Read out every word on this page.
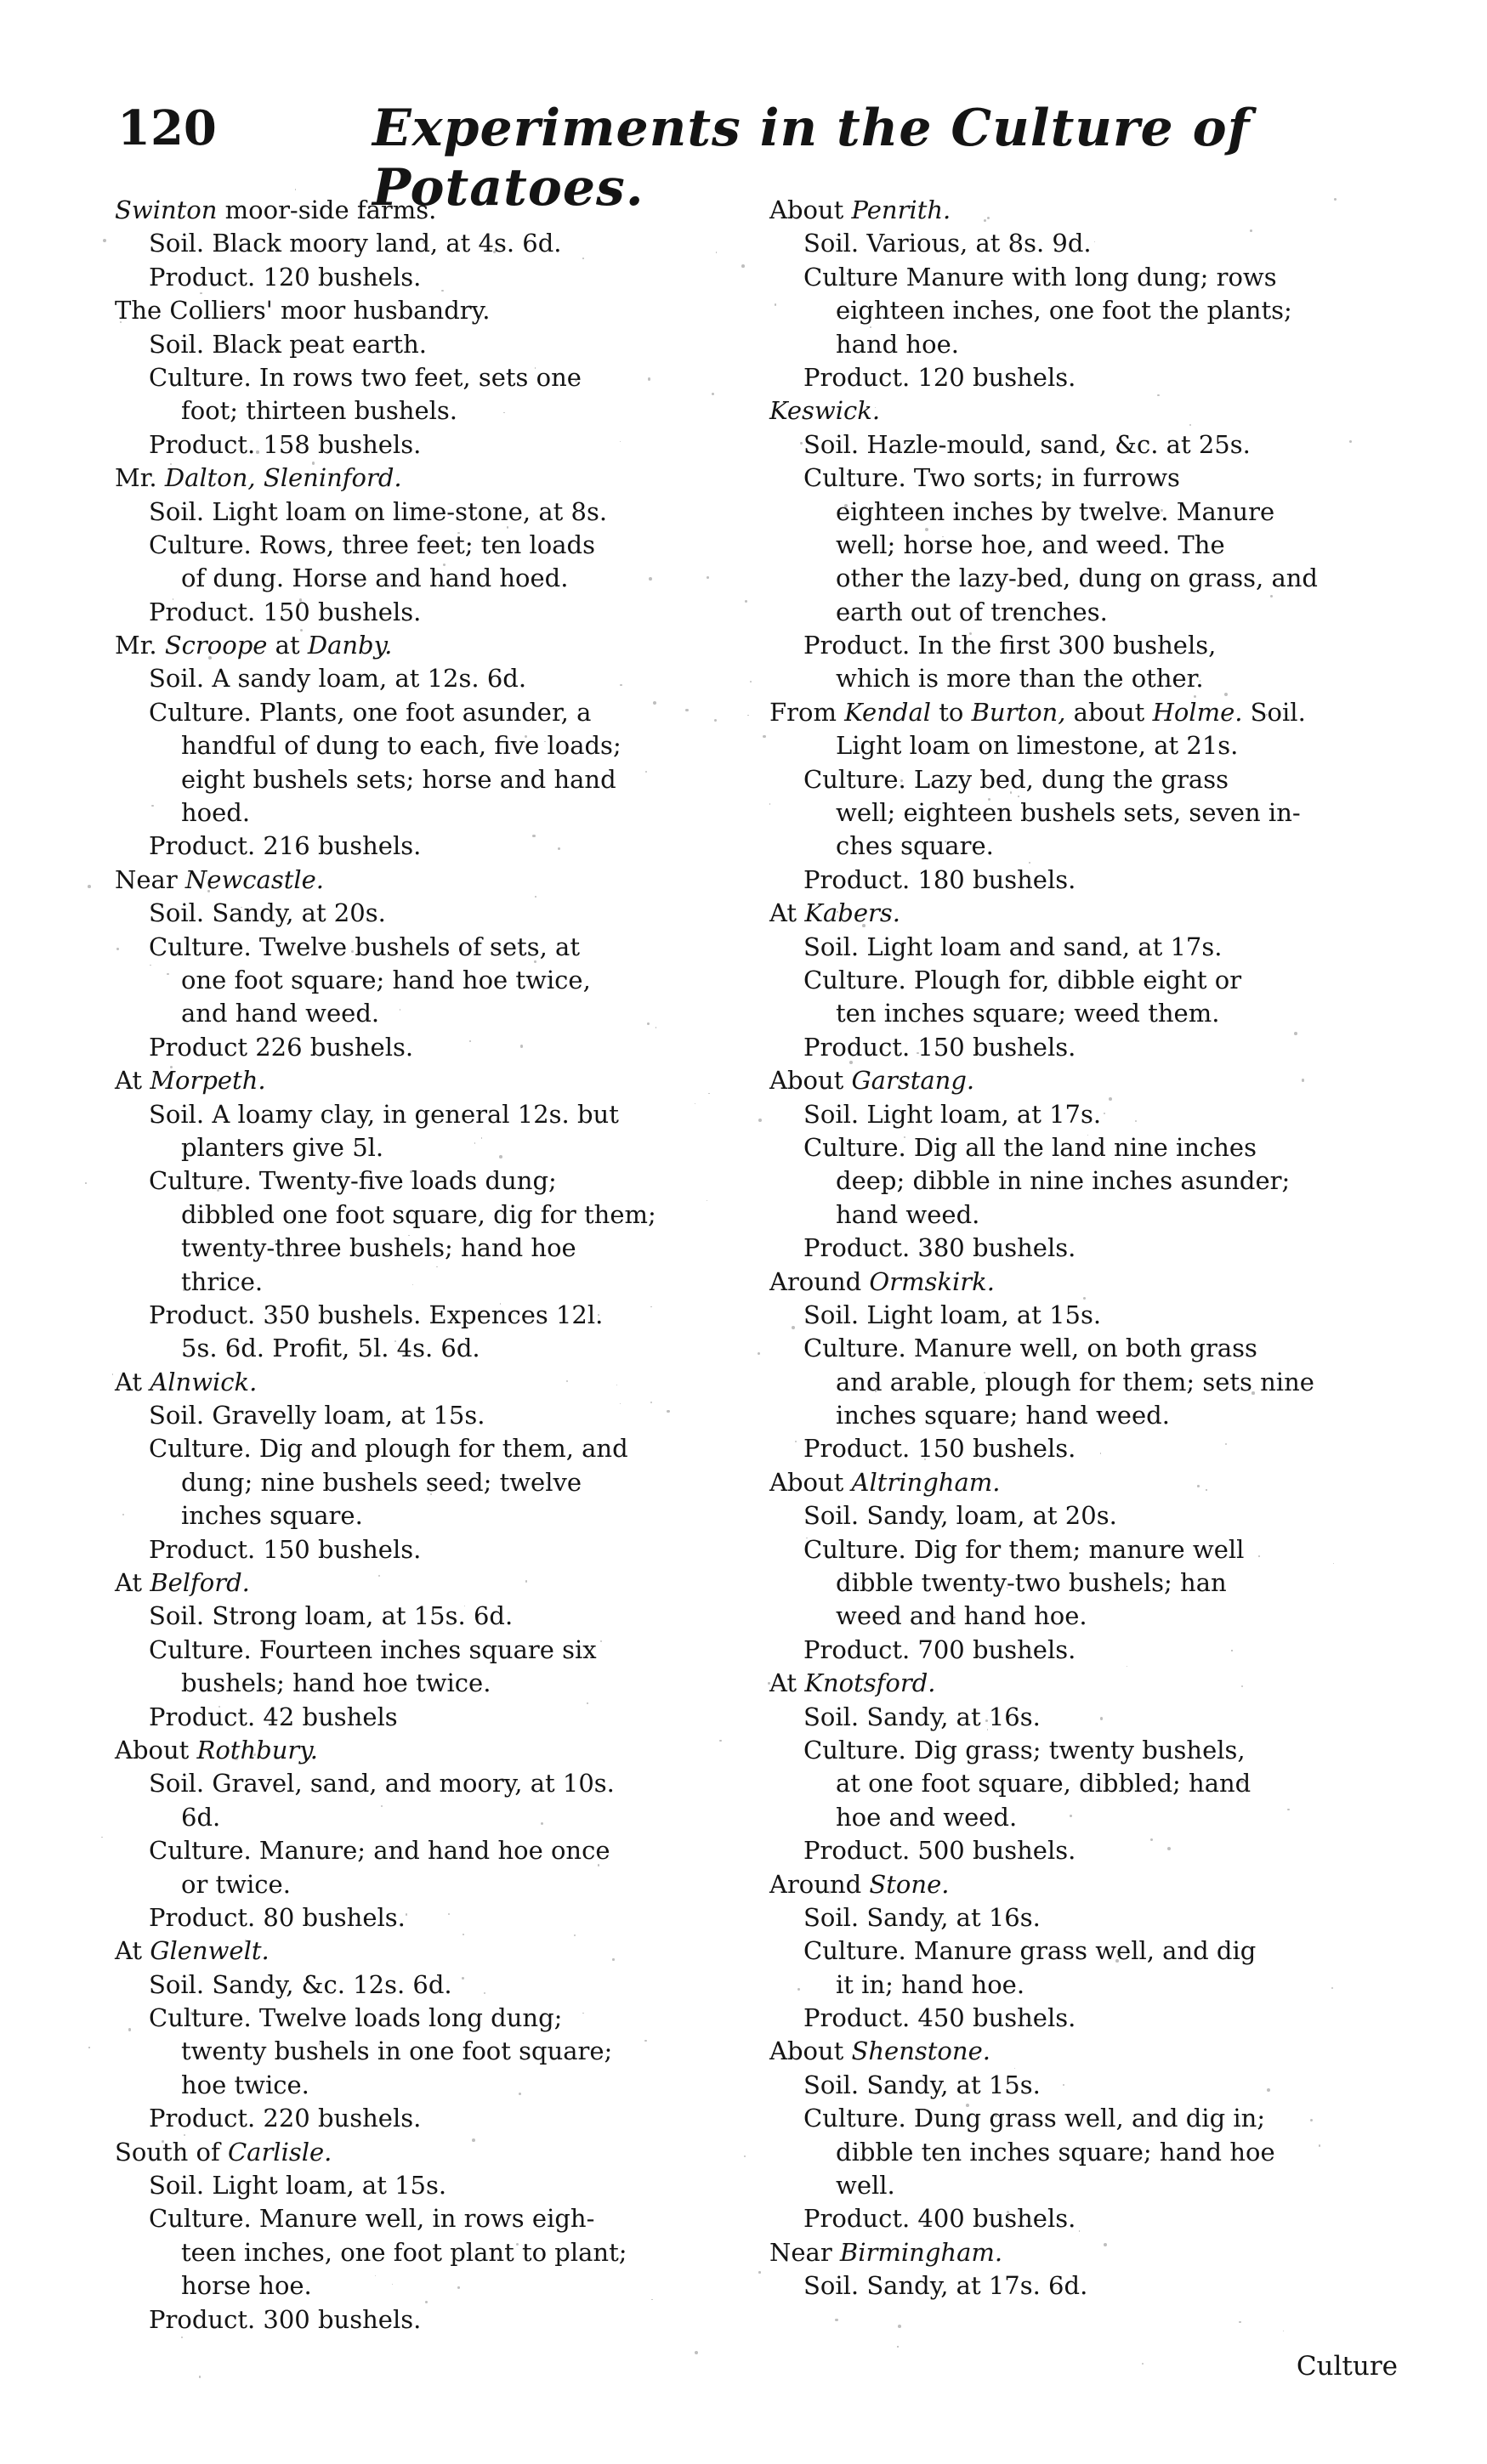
120	Experiments in the Culture of Potatoes.
Swinton moor-side farms.
Soil. Black moory land, at 4s. 6d.
Product. 120 bushels.
The Colliers' moor husbandry.
Soil. Black peat earth.
Culture. In rows two feet, sets one
foot; thirteen bushels.
Product. 158 bushels.
Mr. Dalton, Sleninford.
Soil. Light loam on lime-stone, at 8s.
Culture. Rows, three feet; ten loads
of dung. Horse and hand hoed.
Product. 150 bushels.
Mr. Scroope at Danby.
Soil. A sandy loam, at 12s. 6d.
Culture. Plants, one foot asunder, a
handful of dung to each, five loads;
eight bushels sets; horse and hand
hoed.
Product. 216 bushels.
Near Newcastle.
Soil. Sandy, at 20s.
Culture. Twelve bushels of sets, at
one foot square; hand hoe twice,
and hand weed.
Product 226 bushels.
At Morpeth.
Soil. A loamy clay, in general 12s. but
planters give 5l.
Culture. Twenty-five loads dung;
dibbled one foot square, dig for them;
twenty-three bushels; hand hoe
thrice.
Product. 350 bushels. Expences 12l.
5s. 6d. Profit, 5l. 4s. 6d.
At Alnwick.
Soil. Gravelly loam, at 15s.
Culture. Dig and plough for them, and
dung; nine bushels seed; twelve
inches square.
Product. 150 bushels.
At Belford.
Soil. Strong loam, at 15s. 6d.
Culture. Fourteen inches square six
bushels; hand hoe twice.
Product. 42 bushels
About Rothbury.
Soil. Gravel, sand, and moory, at 10s.
6d.
Culture. Manure; and hand hoe once
or twice.
Product. 80 bushels.
At Glenwelt.
Soil. Sandy, &c. 12s. 6d.
Culture. Twelve loads long dung;
twenty bushels in one foot square;
hoe twice.
Product. 220 bushels.
South of Carlisle.
Soil. Light loam, at 15s.
Culture. Manure well, in rows eigh-
teen inches, one foot plant to plant;
horse hoe.
Product. 300 bushels.
About Penrith.
Soil. Various, at 8s. 9d.
Culture Manure with long dung; rows
eighteen inches, one foot the plants;
hand hoe.
Product. 120 bushels.
Keswick.
Soil. Hazle-mould, sand, &c. at 25s.
Culture. Two sorts; in furrows
eighteen inches by twelve. Manure
well; horse hoe, and weed. The
other the lazy-bed, dung on grass, and
earth out of trenches.
Product. In the first 300 bushels,
which is more than the other.
From Kendal to Burton, about Holme. Soil.
Light loam on limestone, at 21s.
Culture. Lazy bed, dung the grass
well; eighteen bushels sets, seven in-
ches square.
Product. 180 bushels.
At Kabers.
Soil. Light loam and sand, at 17s.
Culture. Plough for, dibble eight or
ten inches square; weed them.
Product. 150 bushels.
About Garstang.
Soil. Light loam, at 17s.
Culture. Dig all the land nine inches
deep; dibble in nine inches asunder;
hand weed.
Product. 380 bushels.
Around Ormskirk.
Soil. Light loam, at 15s.
Culture. Manure well, on both grass
and arable, plough for them; sets nine
inches square; hand weed.
Product. 150 bushels.
About Altringham.
Soil. Sandy, loam, at 20s.
Culture. Dig for them; manure well
dibble twenty-two bushels; han
weed and hand hoe.
Product. 700 bushels.
At Knotsford.
Soil. Sandy, at 16s.
Culture. Dig grass; twenty bushels,
at one foot square, dibbled; hand
hoe and weed.
Product. 500 bushels.
Around Stone.
Soil. Sandy, at 16s.
Culture. Manure grass well, and dig
it in; hand hoe.
Product. 450 bushels.
About Shenstone.
Soil. Sandy, at 15s.
Culture. Dung grass well, and dig in;
dibble ten inches square; hand hoe
well.
Product. 400 bushels.
Near Birmingham.
Soil. Sandy, at 17s. 6d.
Culture
